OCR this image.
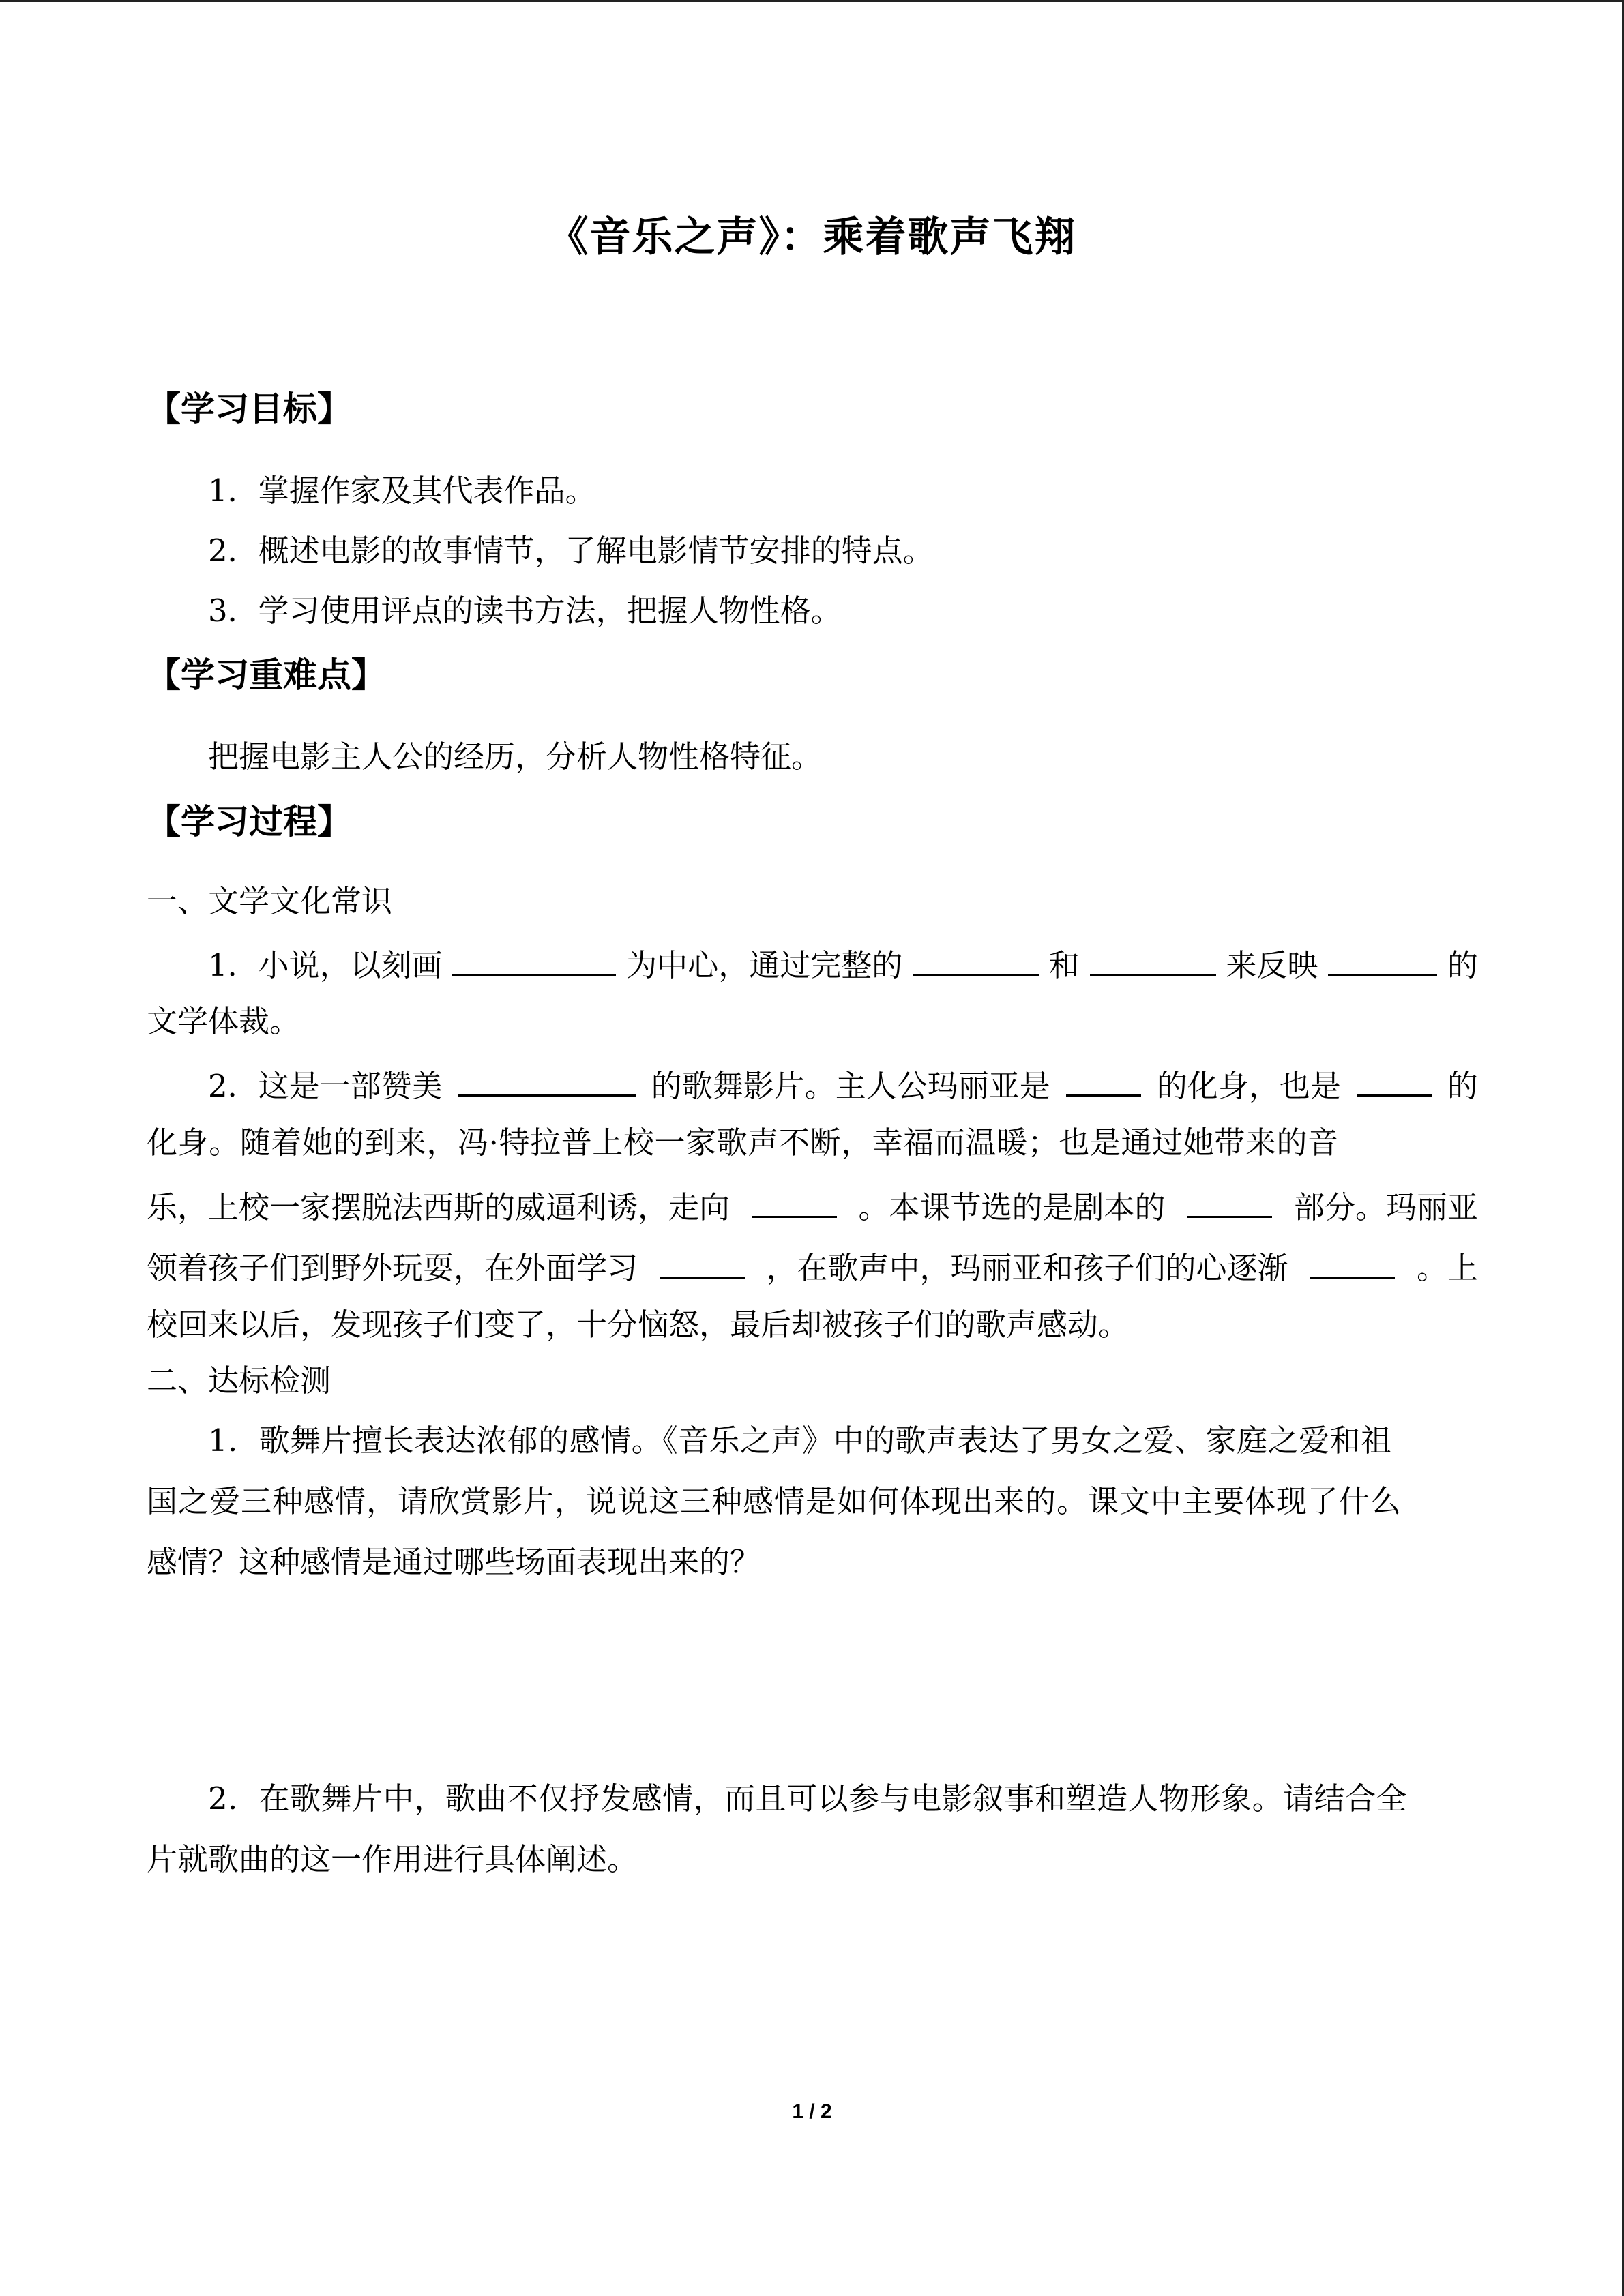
《音乐之声》：乘着歌声飞翔
【学习目标】
1．掌握作家及其代表作品。
2．概述电影的故事情节，了解电影情节安排的特点。
3．学习使用评点的读书方法，把握人物性格。
【学习重难点】
把握电影主人公的经历，分析人物性格特征。
【学习过程】
一、文学文化常识
1．小说，以刻画	为中心，通过完整的	和	来反映	的
文学体裁。
2．这是一部赞美	的歌舞影片。主人公玛丽亚是	的化身，也是	的
化身。随着她的到来，冯·特拉普上校一家歌声不断，幸福而温暖；也是通过她带来的音
乐，上校一家摆脱法西斯的威逼利诱，走向	。本课节选的是剧本的	部分。玛丽亚
领着孩子们到野外玩耍，在外面学习	，在歌声中，玛丽亚和孩子们的心逐渐	。上
校回来以后，发现孩子们变了，十分恼怒，最后却被孩子们的歌声感动。
二、达标检测
1．歌舞片擅长表达浓郁的感情。《音乐之声》中的歌声表达了男女之爱、家庭之爱和祖
国之爱三种感情，请欣赏影片，说说这三种感情是如何体现出来的。课文中主要体现了什么
感情？这种感情是通过哪些场面表现出来的？
2．在歌舞片中，歌曲不仅抒发感情，而且可以参与电影叙事和塑造人物形象。请结合全
片就歌曲的这一作用进行具体阐述。
1 / 2
